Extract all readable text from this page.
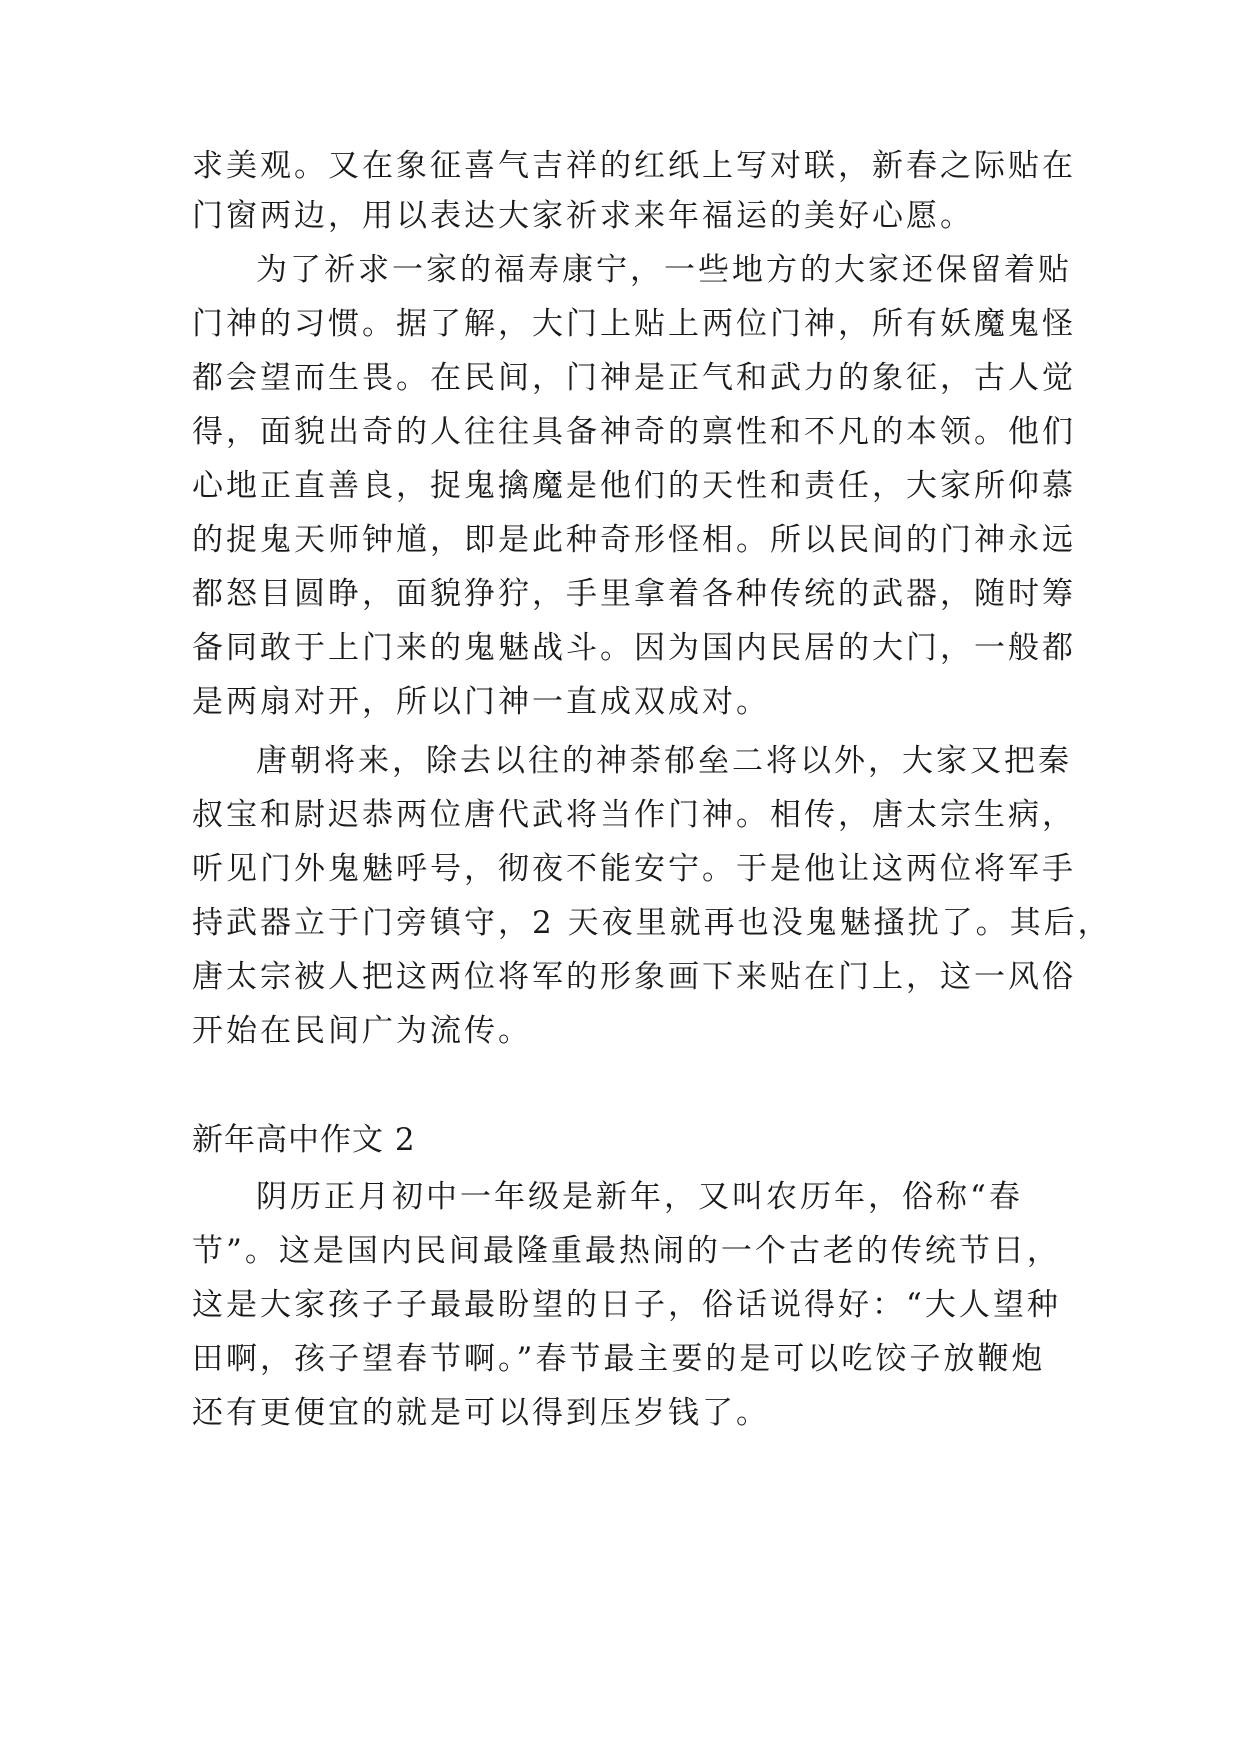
求美观。又在象征喜气吉祥的红纸上写对联，新春之际贴在
门窗两边，用以表达大家祈求来年福运的美好心愿。
为了祈求一家的福寿康宁，一些地方的大家还保留着贴
门神的习惯。据了解，大门上贴上两位门神，所有妖魔鬼怪
都会望而生畏。在民间，门神是正气和武力的象征，古人觉
得，面貌出奇的人往往具备神奇的禀性和不凡的本领。他们
心地正直善良，捉鬼擒魔是他们的天性和责任，大家所仰慕
的捉鬼天师钟馗，即是此种奇形怪相。所以民间的门神永远
都怒目圆睁，面貌狰狞，手里拿着各种传统的武器，随时筹
备同敢于上门来的鬼魅战斗。因为国内民居的大门，一般都
是两扇对开，所以门神一直成双成对。
唐朝将来，除去以往的神荼郁垒二将以外，大家又把秦
叔宝和尉迟恭两位唐代武将当作门神。相传，唐太宗生病，
听见门外鬼魅呼号，彻夜不能安宁。于是他让这两位将军手
持武器立于门旁镇守，2 天夜里就再也没鬼魅搔扰了。其后，
唐太宗被人把这两位将军的形象画下来贴在门上，这一风俗
开始在民间广为流传。
新年高中作文 2
阴历正月初中一年级是新年，又叫农历年，俗称“春
节”。这是国内民间最隆重最热闹的一个古老的传统节日，
这是大家孩子子最最盼望的日子，俗话说得好：“大人望种
田啊，孩子望春节啊。”春节最主要的是可以吃饺子放鞭炮
还有更便宜的就是可以得到压岁钱了。
